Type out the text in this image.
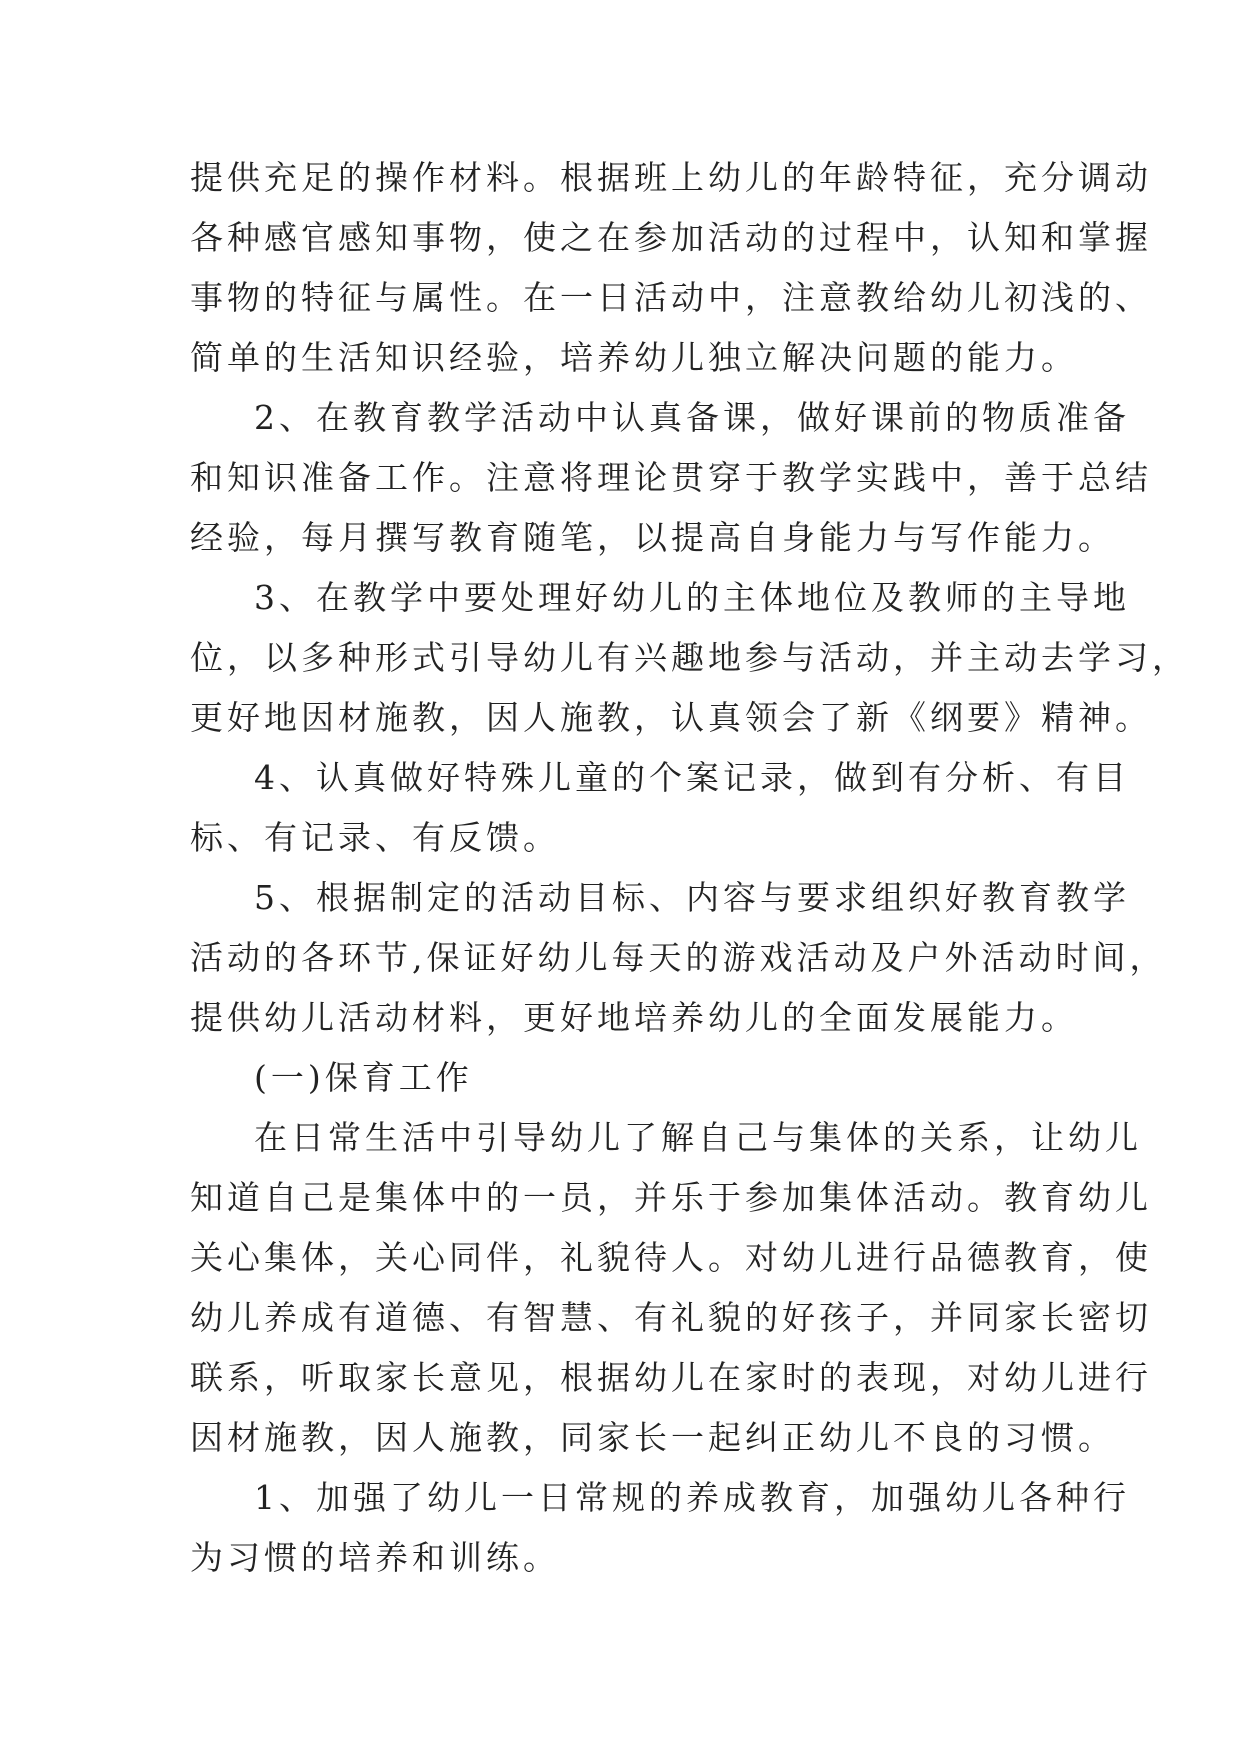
提供充足的操作材料。根据班上幼儿的年龄特征，充分调动
各种感官感知事物，使之在参加活动的过程中，认知和掌握
事物的特征与属性。在一日活动中，注意教给幼儿初浅的、
简单的生活知识经验，培养幼儿独立解决问题的能力。
2、在教育教学活动中认真备课，做好课前的物质准备
和知识准备工作。注意将理论贯穿于教学实践中，善于总结
经验，每月撰写教育随笔，以提高自身能力与写作能力。
3、在教学中要处理好幼儿的主体地位及教师的主导地
位，以多种形式引导幼儿有兴趣地参与活动，并主动去学习，
更好地因材施教，因人施教，认真领会了新《纲要》精神。
4、认真做好特殊儿童的个案记录，做到有分析、有目
标、有记录、有反馈。
5、根据制定的活动目标、内容与要求组织好教育教学
活动的各环节,保证好幼儿每天的游戏活动及户外活动时间，
提供幼儿活动材料，更好地培养幼儿的全面发展能力。
(一)保育工作
在日常生活中引导幼儿了解自己与集体的关系，让幼儿
知道自己是集体中的一员，并乐于参加集体活动。教育幼儿
关心集体，关心同伴，礼貌待人。对幼儿进行品德教育，使
幼儿养成有道德、有智慧、有礼貌的好孩子，并同家长密切
联系，听取家长意见，根据幼儿在家时的表现，对幼儿进行
因材施教，因人施教，同家长一起纠正幼儿不良的习惯。
1、加强了幼儿一日常规的养成教育，加强幼儿各种行
为习惯的培养和训练。
